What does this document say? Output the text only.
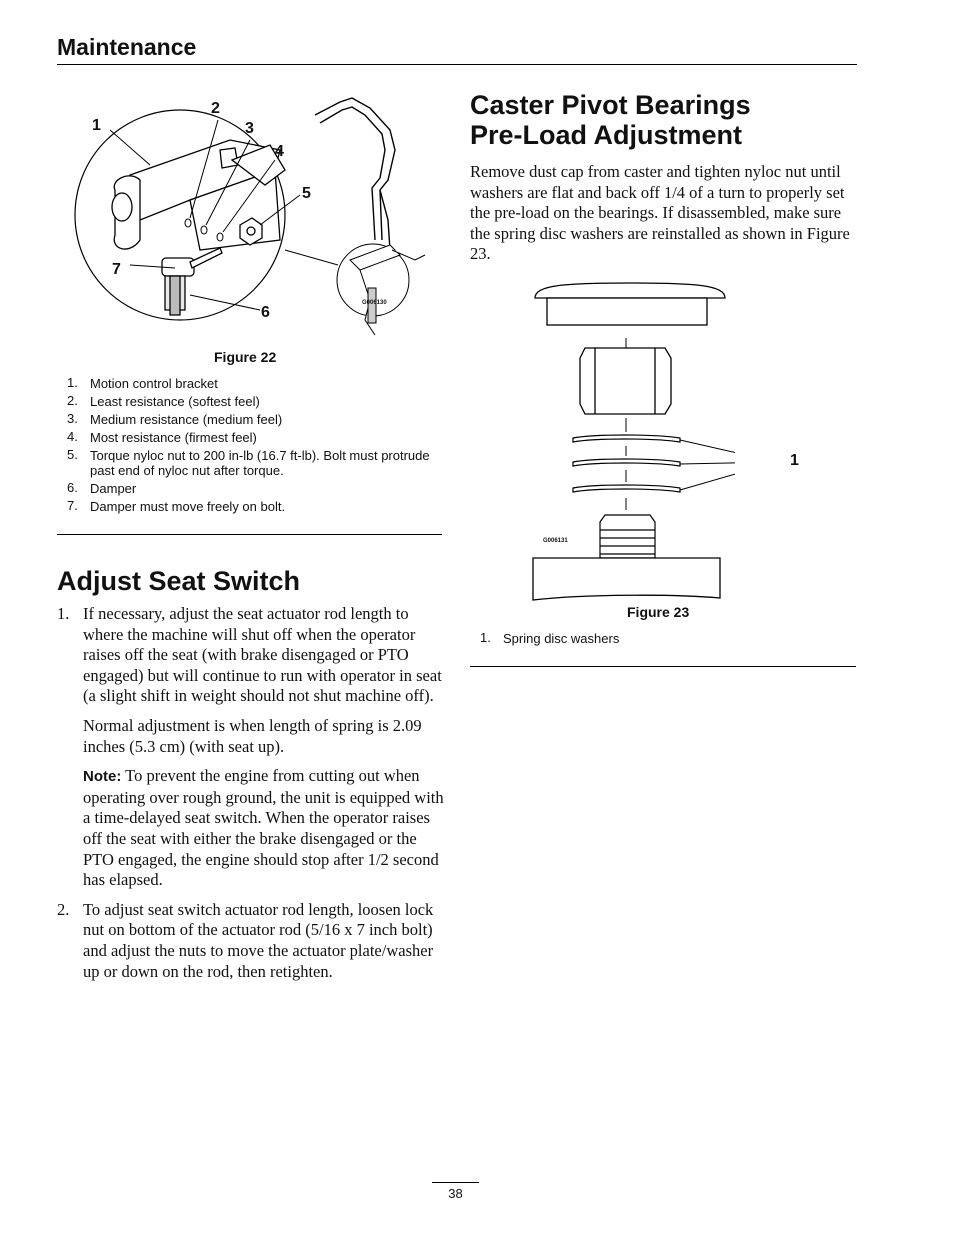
Maintenance
1
2
3
4
5
6
7
G006130
Figure 22
1. Motion control bracket
2. Least resistance (softest feel)
3. Medium resistance (medium feel)
4. Most resistance (firmest feel)
5. Torque nyloc nut to 200 in-lb (16.7 ft-lb). Bolt must protrude past end of nyloc nut after torque.
6. Damper
7. Damper must move freely on bolt.
Adjust Seat Switch
1. If necessary, adjust the seat actuator rod length to where the machine will shut off when the operator raises off the seat (with brake disengaged or PTO engaged) but will continue to run with operator in seat (a slight shift in weight should not shut machine off).

Normal adjustment is when length of spring is 2.09 inches (5.3 cm) (with seat up).

Note: To prevent the engine from cutting out when operating over rough ground, the unit is equipped with a time-delayed seat switch. When the operator raises off the seat with either the brake disengaged or the PTO engaged, the engine should stop after 1/2 second has elapsed.

2. To adjust seat switch actuator rod length, loosen lock nut on bottom of the actuator rod (5/16 x 7 inch bolt) and adjust the nuts to move the actuator plate/washer up or down on the rod, then retighten.

Caster Pivot Bearings
Pre-Load Adjustment

Remove dust cap from caster and tighten nyloc nut until washers are flat and back off 1/4 of a turn to properly set the pre-load on the bearings. If disassembled, make sure the spring disc washers are reinstalled as shown in Figure 23.

1
G006131
Figure 23
1. Spring disc washers
38
